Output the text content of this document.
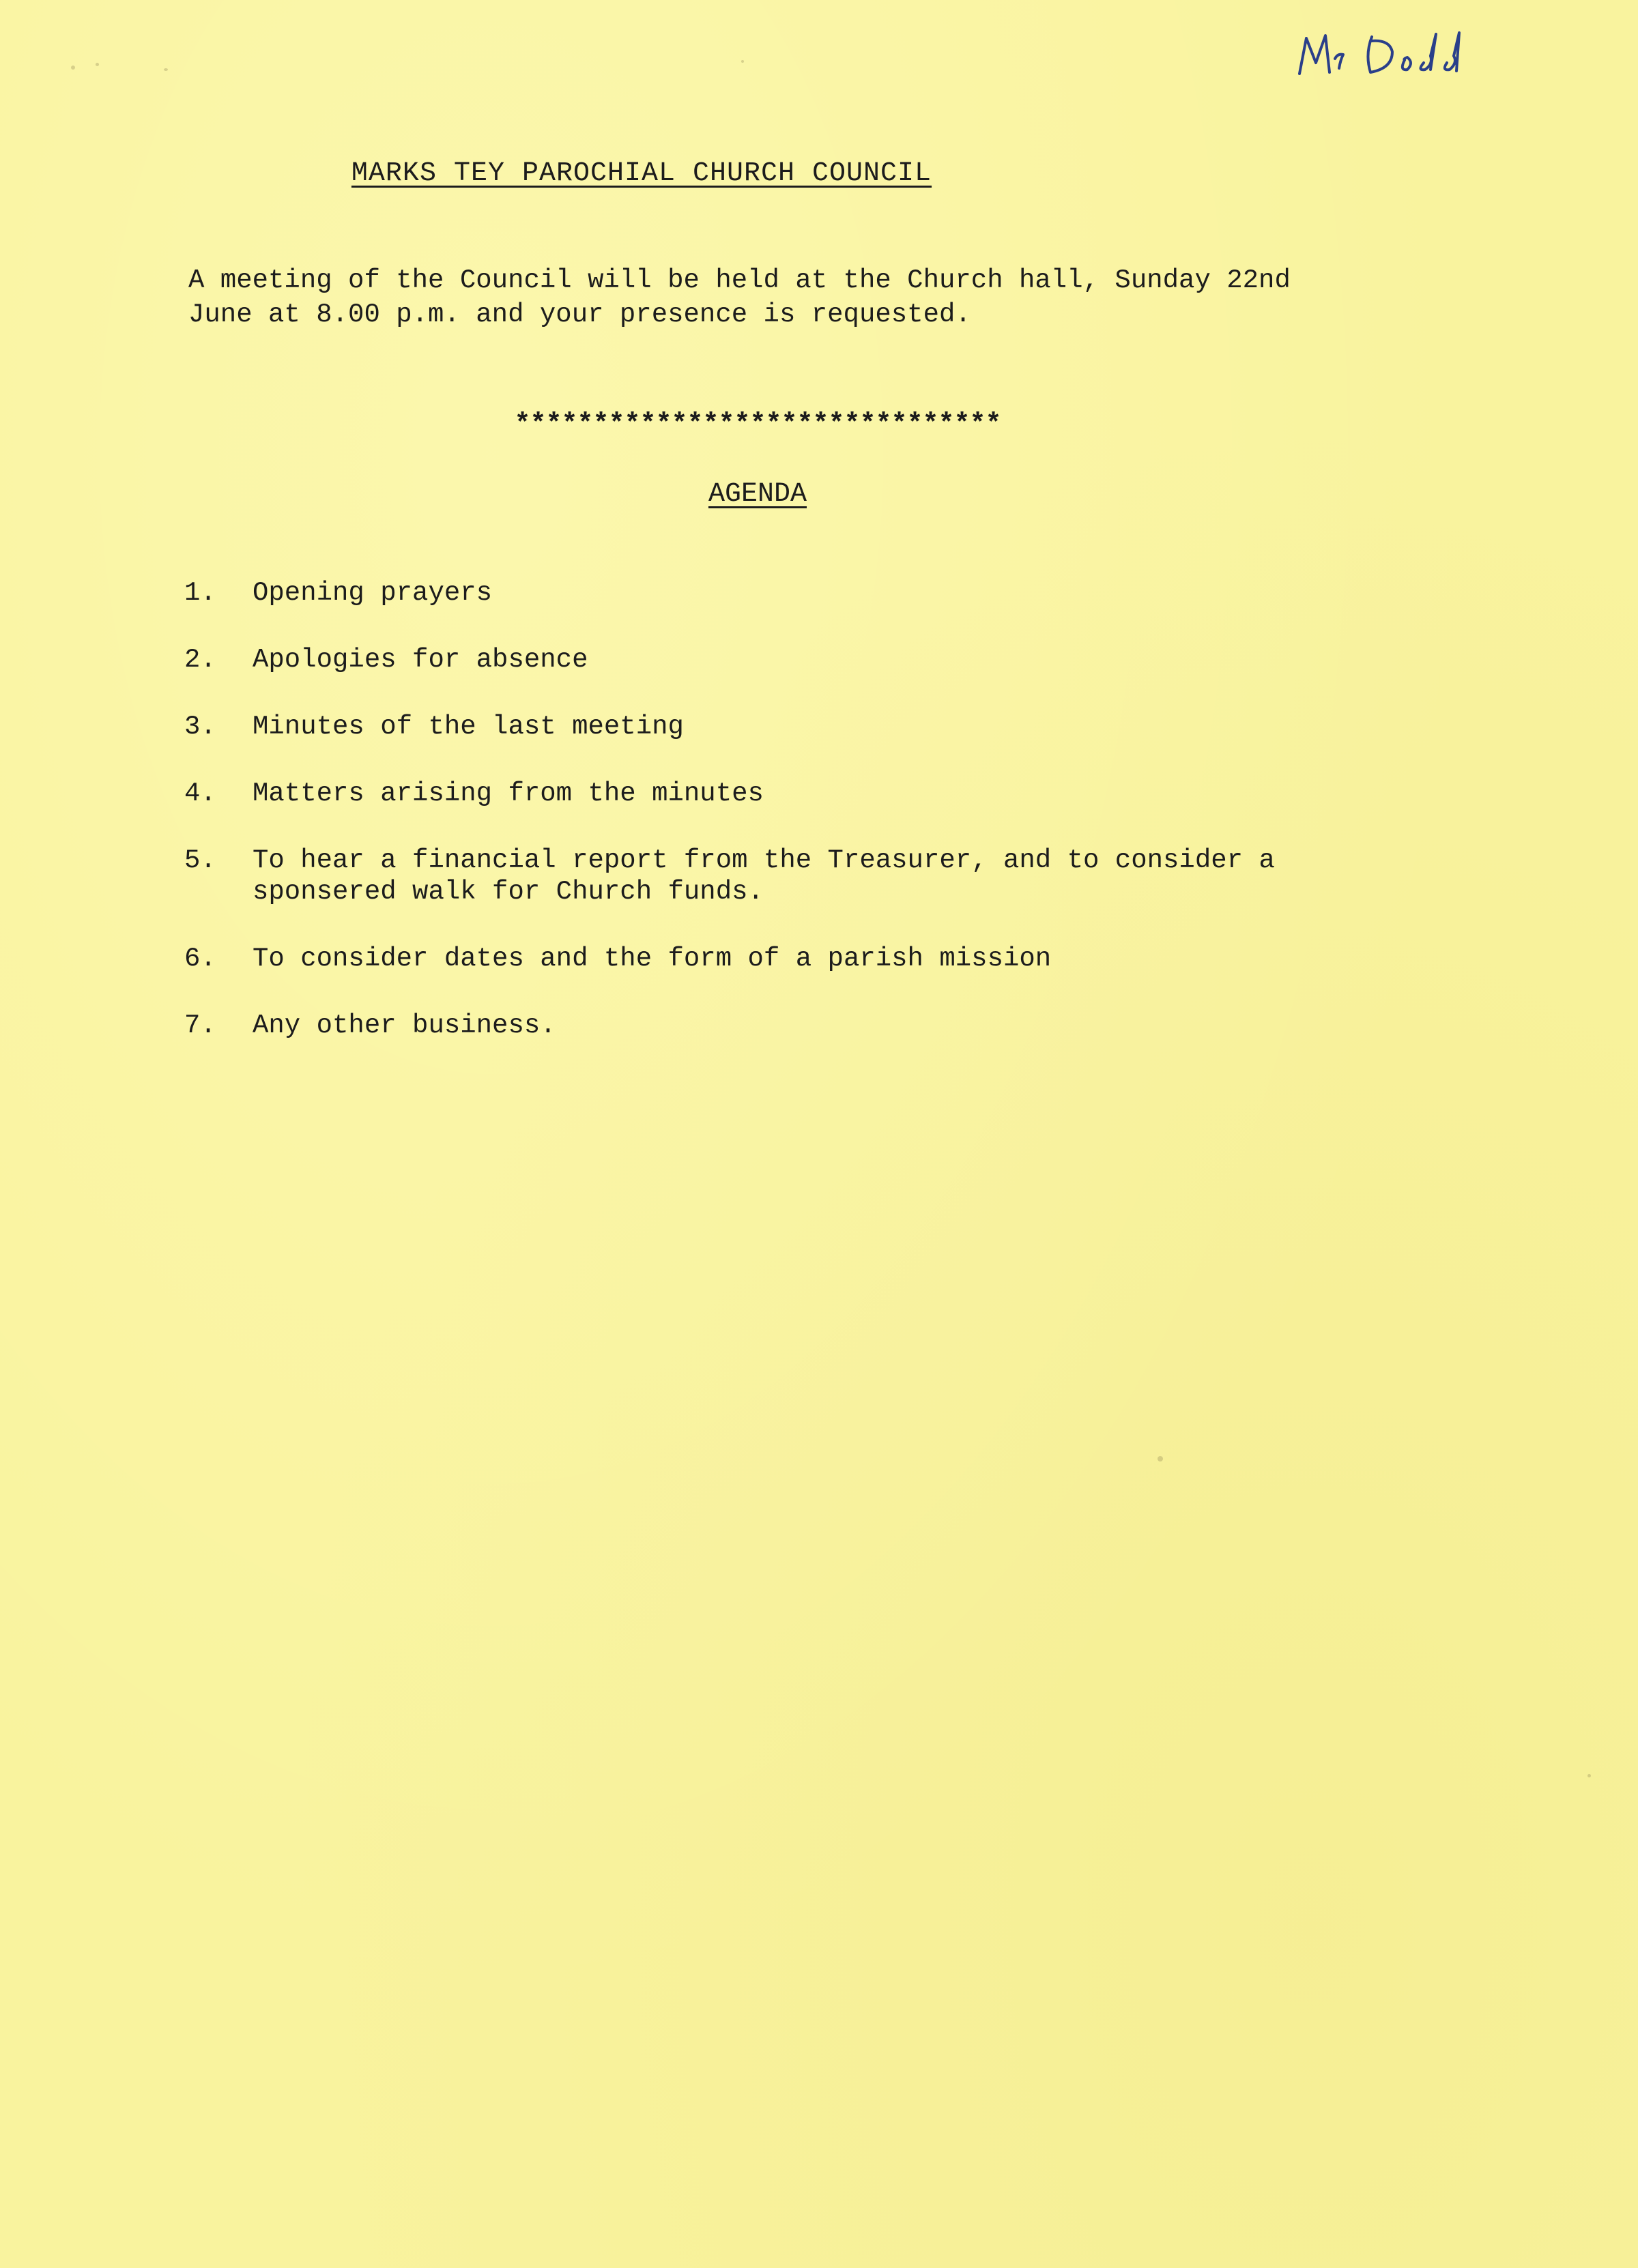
MARKS TEY PAROCHIAL CHURCH COUNCIL
A meeting of the Council will be held at the Church hall, Sunday 22nd
June at 8.00 p.m. and your presence is requested.
*******************************
AGENDA
1.	Opening prayers
2.	Apologies for absence
3.	Minutes of the last meeting
4.	Matters arising from the minutes
5.	To hear a financial report from the Treasurer, and to consider a
sponsered walk for Church funds.
6.	To consider dates and the form of a parish mission
7.	Any other business.
